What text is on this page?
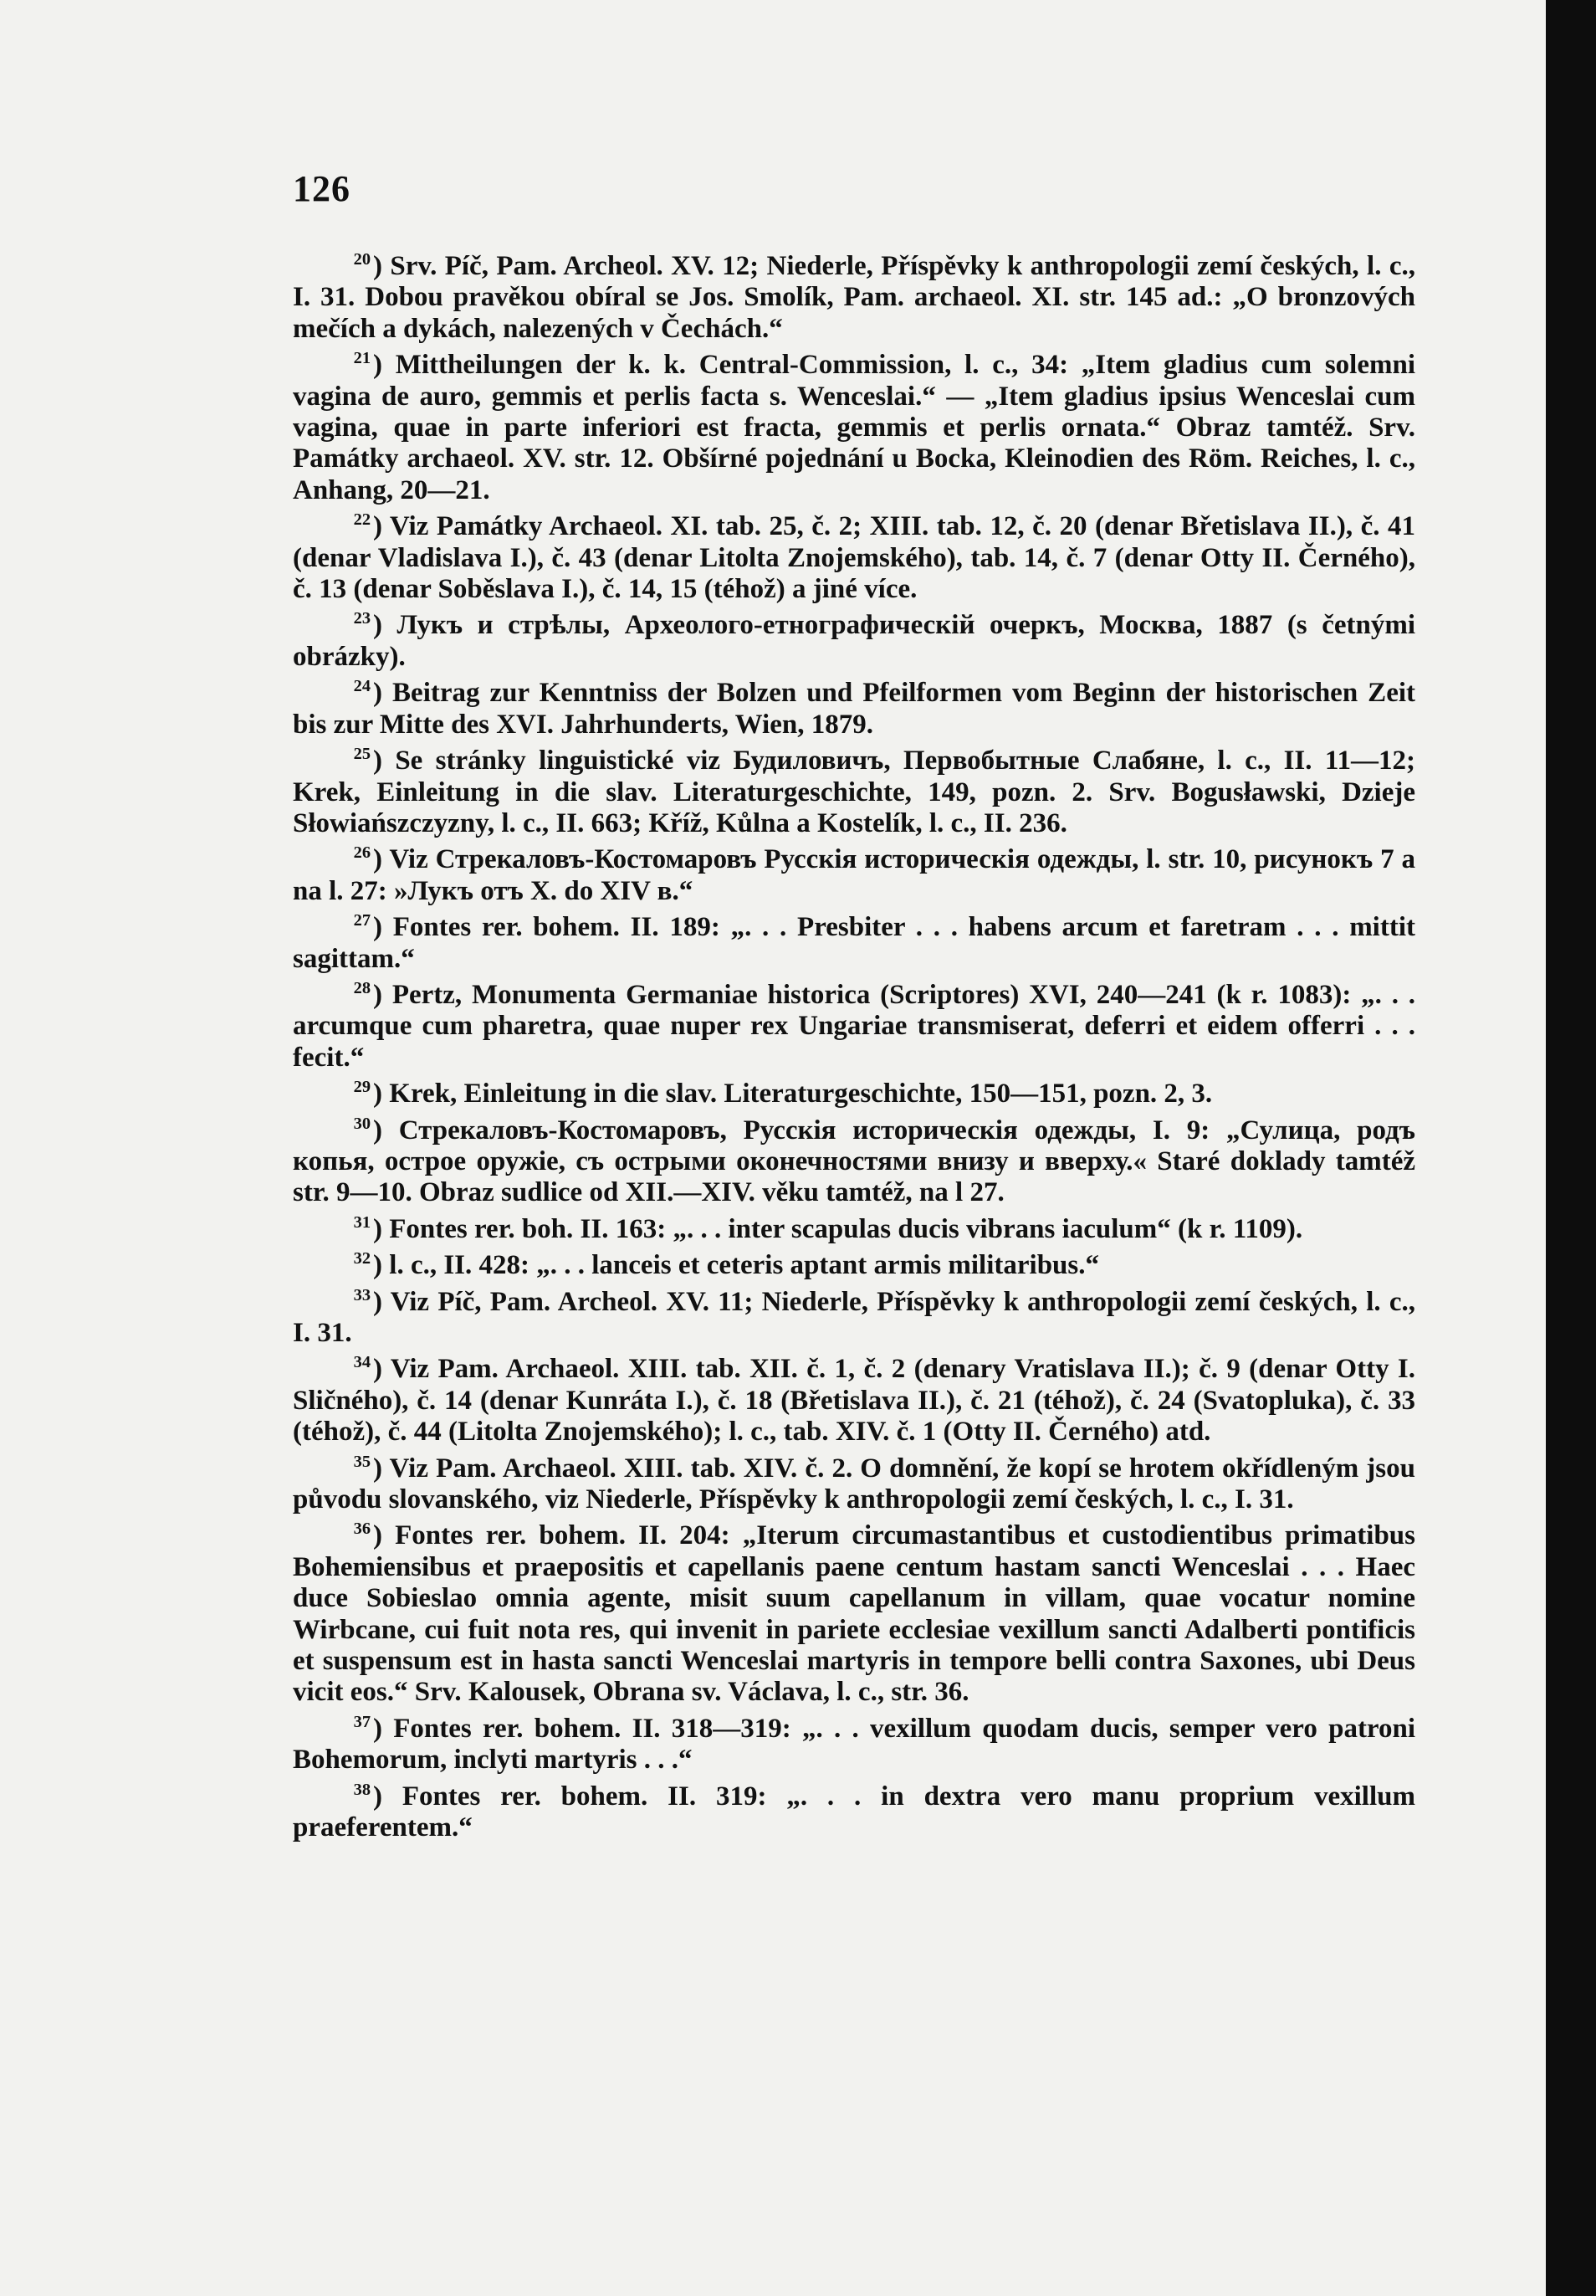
126

$^{20}$) Srv. Píč, Pam. Archeol. XV. 12; Niederle, Příspěvky k anthropologii zemí českých, l. c., I. 31. Dobou pravěkou obíral se Jos. Smolík, Pam. archaeol. XI. str. 145 ad.: „O bronzových mečích a dykách, nalezených v Čechách.“

$^{21}$) Mittheilungen der k. k. Central-Commission, l. c., 34: „Item gladius cum solemni vagina de auro, gemmis et perlis facta s. Wenceslai.“ — „Item gladius ipsius Wenceslai cum vagina, quae in parte inferiori est fracta, gemmis et perlis ornata.“ Obraz tamtéž. Srv. Památky archaeol. XV. str. 12. Obšírné pojednání u Bocka, Kleinodien des Röm. Reiches, l. c., Anhang, 20—21.

$^{22}$) Viz Památky Archaeol. XI. tab. 25, č. 2; XIII. tab. 12, č. 20 (denar Břetislava II.), č. 41 (denar Vladislava I.), č. 43 (denar Litolta Znojemského), tab. 14, č. 7 (denar Otty II. Černého), č. 13 (denar Soběslava I.), č. 14, 15 (téhož) a jiné více.

$^{23}$) Лукъ и стрѣлы, Археолого-етнографическій очеркъ, Москва, 1887 (s četnými obrázky).

$^{24}$) Beitrag zur Kenntniss der Bolzen und Pfeilformen vom Beginn der historischen Zeit bis zur Mitte des XVI. Jahrhunderts, Wien, 1879.

$^{25}$) Se stránky linguistické viz Будиловичъ, Первобытные Слабяне, l. c., II. 11—12; Krek, Einleitung in die slav. Literaturgeschichte, 149, pozn. 2. Srv. Bogusławski, Dzieje Słowiańszczyzny, l. c., II. 663; Kříž, Kůlna a Kostelík, l. c., II. 236.

$^{26}$) Viz Стрекаловъ-Костомаровъ Русскія историческія одежды, l. str. 10, рисунокъ 7 a na l. 27: »Лукъ отъ X. do XIV в.“

$^{27}$) Fontes rer. bohem. II. 189: „. . . Presbiter . . . habens arcum et faretram . . . mittit sagittam.“

$^{28}$) Pertz, Monumenta Germaniae historica (Scriptores) XVI, 240—241 (k r. 1083): „. . . arcumque cum pharetra, quae nuper rex Ungariae transmiserat, deferri et eidem offerri . . . fecit.“

$^{29}$) Krek, Einleitung in die slav. Literaturgeschichte, 150—151, pozn. 2, 3.

$^{30}$) Стрекаловъ-Костомаровъ, Русскія историческія одежды, I. 9: „Сулица, родъ копья, острое оружіе, съ острыми оконечностями внизу и вверху.« Staré doklady tamtéž str. 9—10. Obraz sudlice od XII.—XIV. věku tamtéž, na l 27.

$^{31}$) Fontes rer. boh. II. 163: „. . . inter scapulas ducis vibrans iaculum“ (k r. 1109).

$^{32}$) l. c., II. 428: „. . . lanceis et ceteris aptant armis militaribus.“

$^{33}$) Viz Píč, Pam. Archeol. XV. 11; Niederle, Příspěvky k anthropologii zemí českých, l. c., I. 31.

$^{34}$) Viz Pam. Archaeol. XIII. tab. XII. č. 1, č. 2 (denary Vratislava II.); č. 9 (denar Otty I. Sličného), č. 14 (denar Kunráta I.), č. 18 (Břetislava II.), č. 21 (téhož), č. 24 (Svatopluka), č. 33 (téhož), č. 44 (Litolta Znojemského); l. c., tab. XIV. č. 1 (Otty II. Černého) atd.

$^{35}$) Viz Pam. Archaeol. XIII. tab. XIV. č. 2. O domnění, že kopí se hrotem okřídleným jsou původu slovanského, viz Niederle, Příspěvky k anthropologii zemí českých, l. c., I. 31.

$^{36}$) Fontes rer. bohem. II. 204: „Iterum circumastantibus et custodientibus primatibus Bohemiensibus et praepositis et capellanis paene centum hastam sancti Wenceslai . . . Haec duce Sobieslao omnia agente, misit suum capellanum in villam, quae vocatur nomine Wirbcane, cui fuit nota res, qui invenit in pariete ecclesiae vexillum sancti Adalberti pontificis et suspensum est in hasta sancti Wenceslai martyris in tempore belli contra Saxones, ubi Deus vicit eos.“ Srv. Kalousek, Obrana sv. Václava, l. c., str. 36.

$^{37}$) Fontes rer. bohem. II. 318—319: „. . . vexillum quodam ducis, semper vero patroni Bohemorum, inclyti martyris . . .“

$^{38}$) Fontes rer. bohem. II. 319: „. . . in dextra vero manu proprium vexillum praeferentem.“
